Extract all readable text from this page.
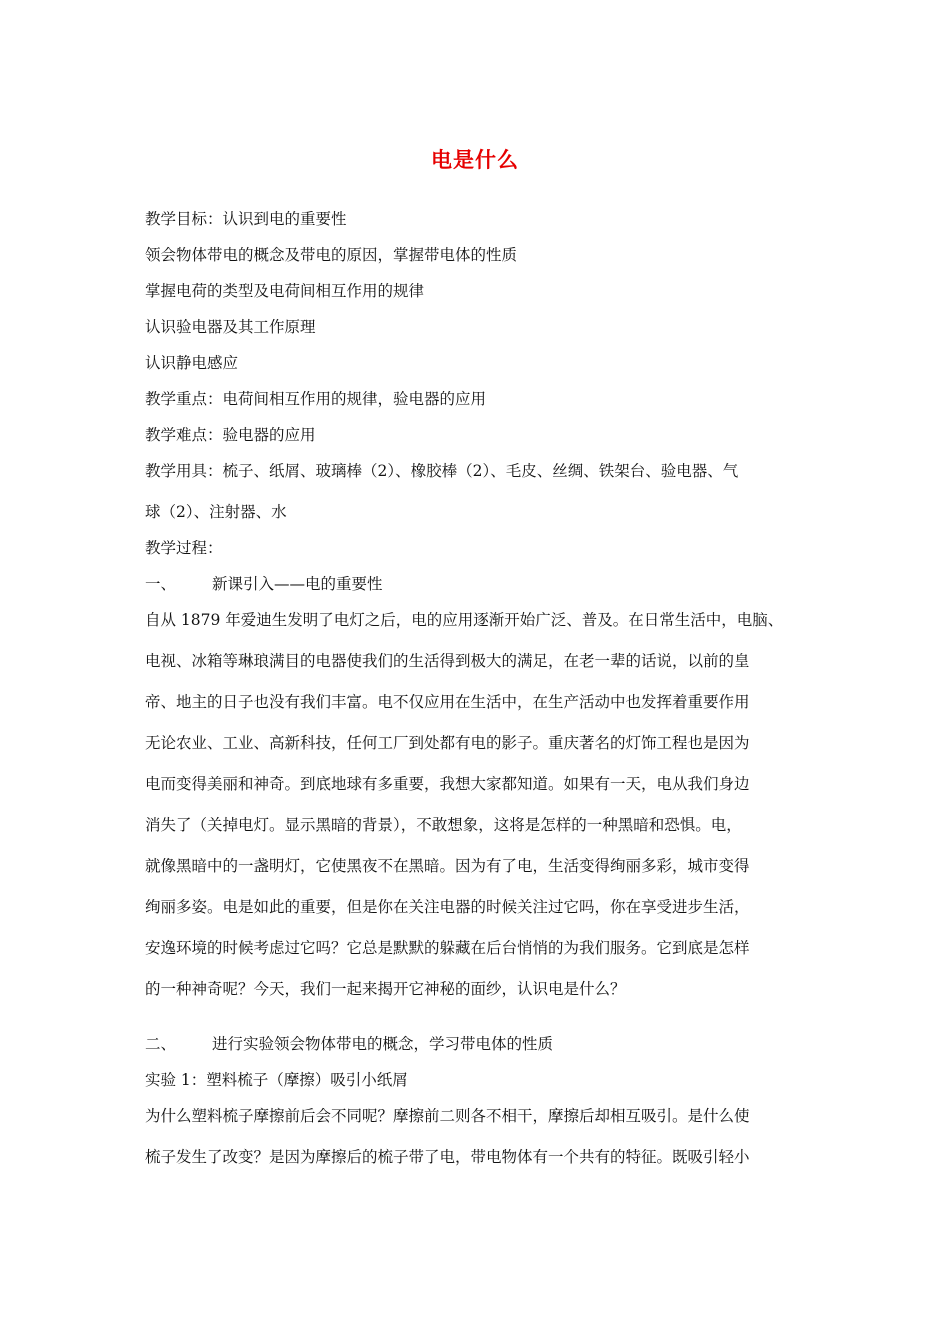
电是什么
教学目标：认识到电的重要性
领会物体带电的概念及带电的原因，掌握带电体的性质
掌握电荷的类型及电荷间相互作用的规律
认识验电器及其工作原理
认识静电感应
教学重点：电荷间相互作用的规律，验电器的应用
教学难点：验电器的应用
教学用具：梳子、纸屑、玻璃棒（2）、橡胶棒（2）、毛皮、丝绸、铁架台、验电器、气
球（2）、注射器、水
教学过程：
一、 新课引入——电的重要性
自从 1879 年爱迪生发明了电灯之后，电的应用逐渐开始广泛、普及。在日常生活中，电脑、
电视、冰箱等琳琅满目的电器使我们的生活得到极大的满足，在老一辈的话说，以前的皇
帝、地主的日子也没有我们丰富。电不仅应用在生活中，在生产活动中也发挥着重要作用
无论农业、工业、高新科技，任何工厂到处都有电的影子。重庆著名的灯饰工程也是因为
电而变得美丽和神奇。到底地球有多重要，我想大家都知道。如果有一天，电从我们身边
消失了（关掉电灯。显示黑暗的背景），不敢想象，这将是怎样的一种黑暗和恐惧。电，
就像黑暗中的一盏明灯，它使黑夜不在黑暗。因为有了电，生活变得绚丽多彩，城市变得
绚丽多姿。电是如此的重要，但是你在关注电器的时候关注过它吗，你在享受进步生活，
安逸环境的时候考虑过它吗？它总是默默的躲藏在后台悄悄的为我们服务。它到底是怎样
的一种神奇呢？今天，我们一起来揭开它神秘的面纱，认识电是什么？
二、 进行实验领会物体带电的概念，学习带电体的性质
实验 1：塑料梳子（摩擦）吸引小纸屑
为什么塑料梳子摩擦前后会不同呢？摩擦前二则各不相干，摩擦后却相互吸引。是什么使
梳子发生了改变？是因为摩擦后的梳子带了电，带电物体有一个共有的特征。既吸引轻小
